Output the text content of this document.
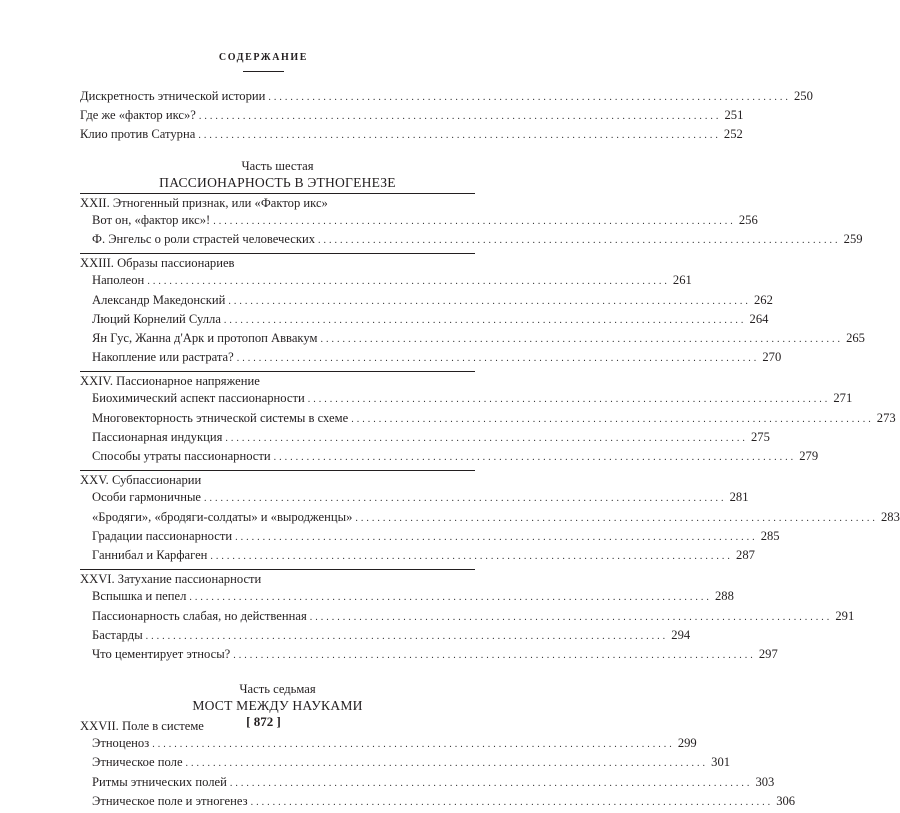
СОДЕРЖАНИЕ
Дискретность этнической истории ............................................................................................... 250
Где же «фактор икс»? ............................................................................................... 251
Клио против Сатурна ............................................................................................... 252
Часть шестая
ПАССИОНАРНОСТЬ В ЭТНОГЕНЕЗЕ
XXII. Этногенный признак, или «Фактор икс»
Вот он, «фактор икс»! ............................................................................................... 256
Ф. Энгельс о роли страстей человеческих ............................................................................................... 259
XXIII. Образы пассионариев
Наполеон ............................................................................................... 261
Александр Македонский ............................................................................................... 262
Люций Корнелий Сулла ............................................................................................... 264
Ян Гус, Жанна д'Арк и протопоп Аввакум ............................................................................................... 265
Накопление или растрата? ............................................................................................... 270
XXIV. Пассионарное напряжение
Биохимический аспект пассионарности ............................................................................................... 271
Многовекторность этнической системы в схеме ............................................................................................... 273
Пассионарная индукция ............................................................................................... 275
Способы утраты пассионарности ............................................................................................... 279
XXV. Субпассионарии
Особи гармоничные ............................................................................................... 281
«Бродяги», «бродяги-солдаты» и «выродженцы» ............................................................................................... 283
Градации пассионарности ............................................................................................... 285
Ганнибал и Карфаген ............................................................................................... 287
XXVI. Затухание пассионарности
Вспышка и пепел ............................................................................................... 288
Пассионарность слабая, но действенная ............................................................................................... 291
Бастарды ............................................................................................... 294
Что цементирует этносы? ............................................................................................... 297
Часть седьмая
МОСТ МЕЖДУ НАУКАМИ
XXVII. Поле в системе
Этноценоз ............................................................................................... 299
Этническое поле ............................................................................................... 301
Ритмы этнических полей ............................................................................................... 303
Этническое поле и этногенез ............................................................................................... 306
[ 872 ]
